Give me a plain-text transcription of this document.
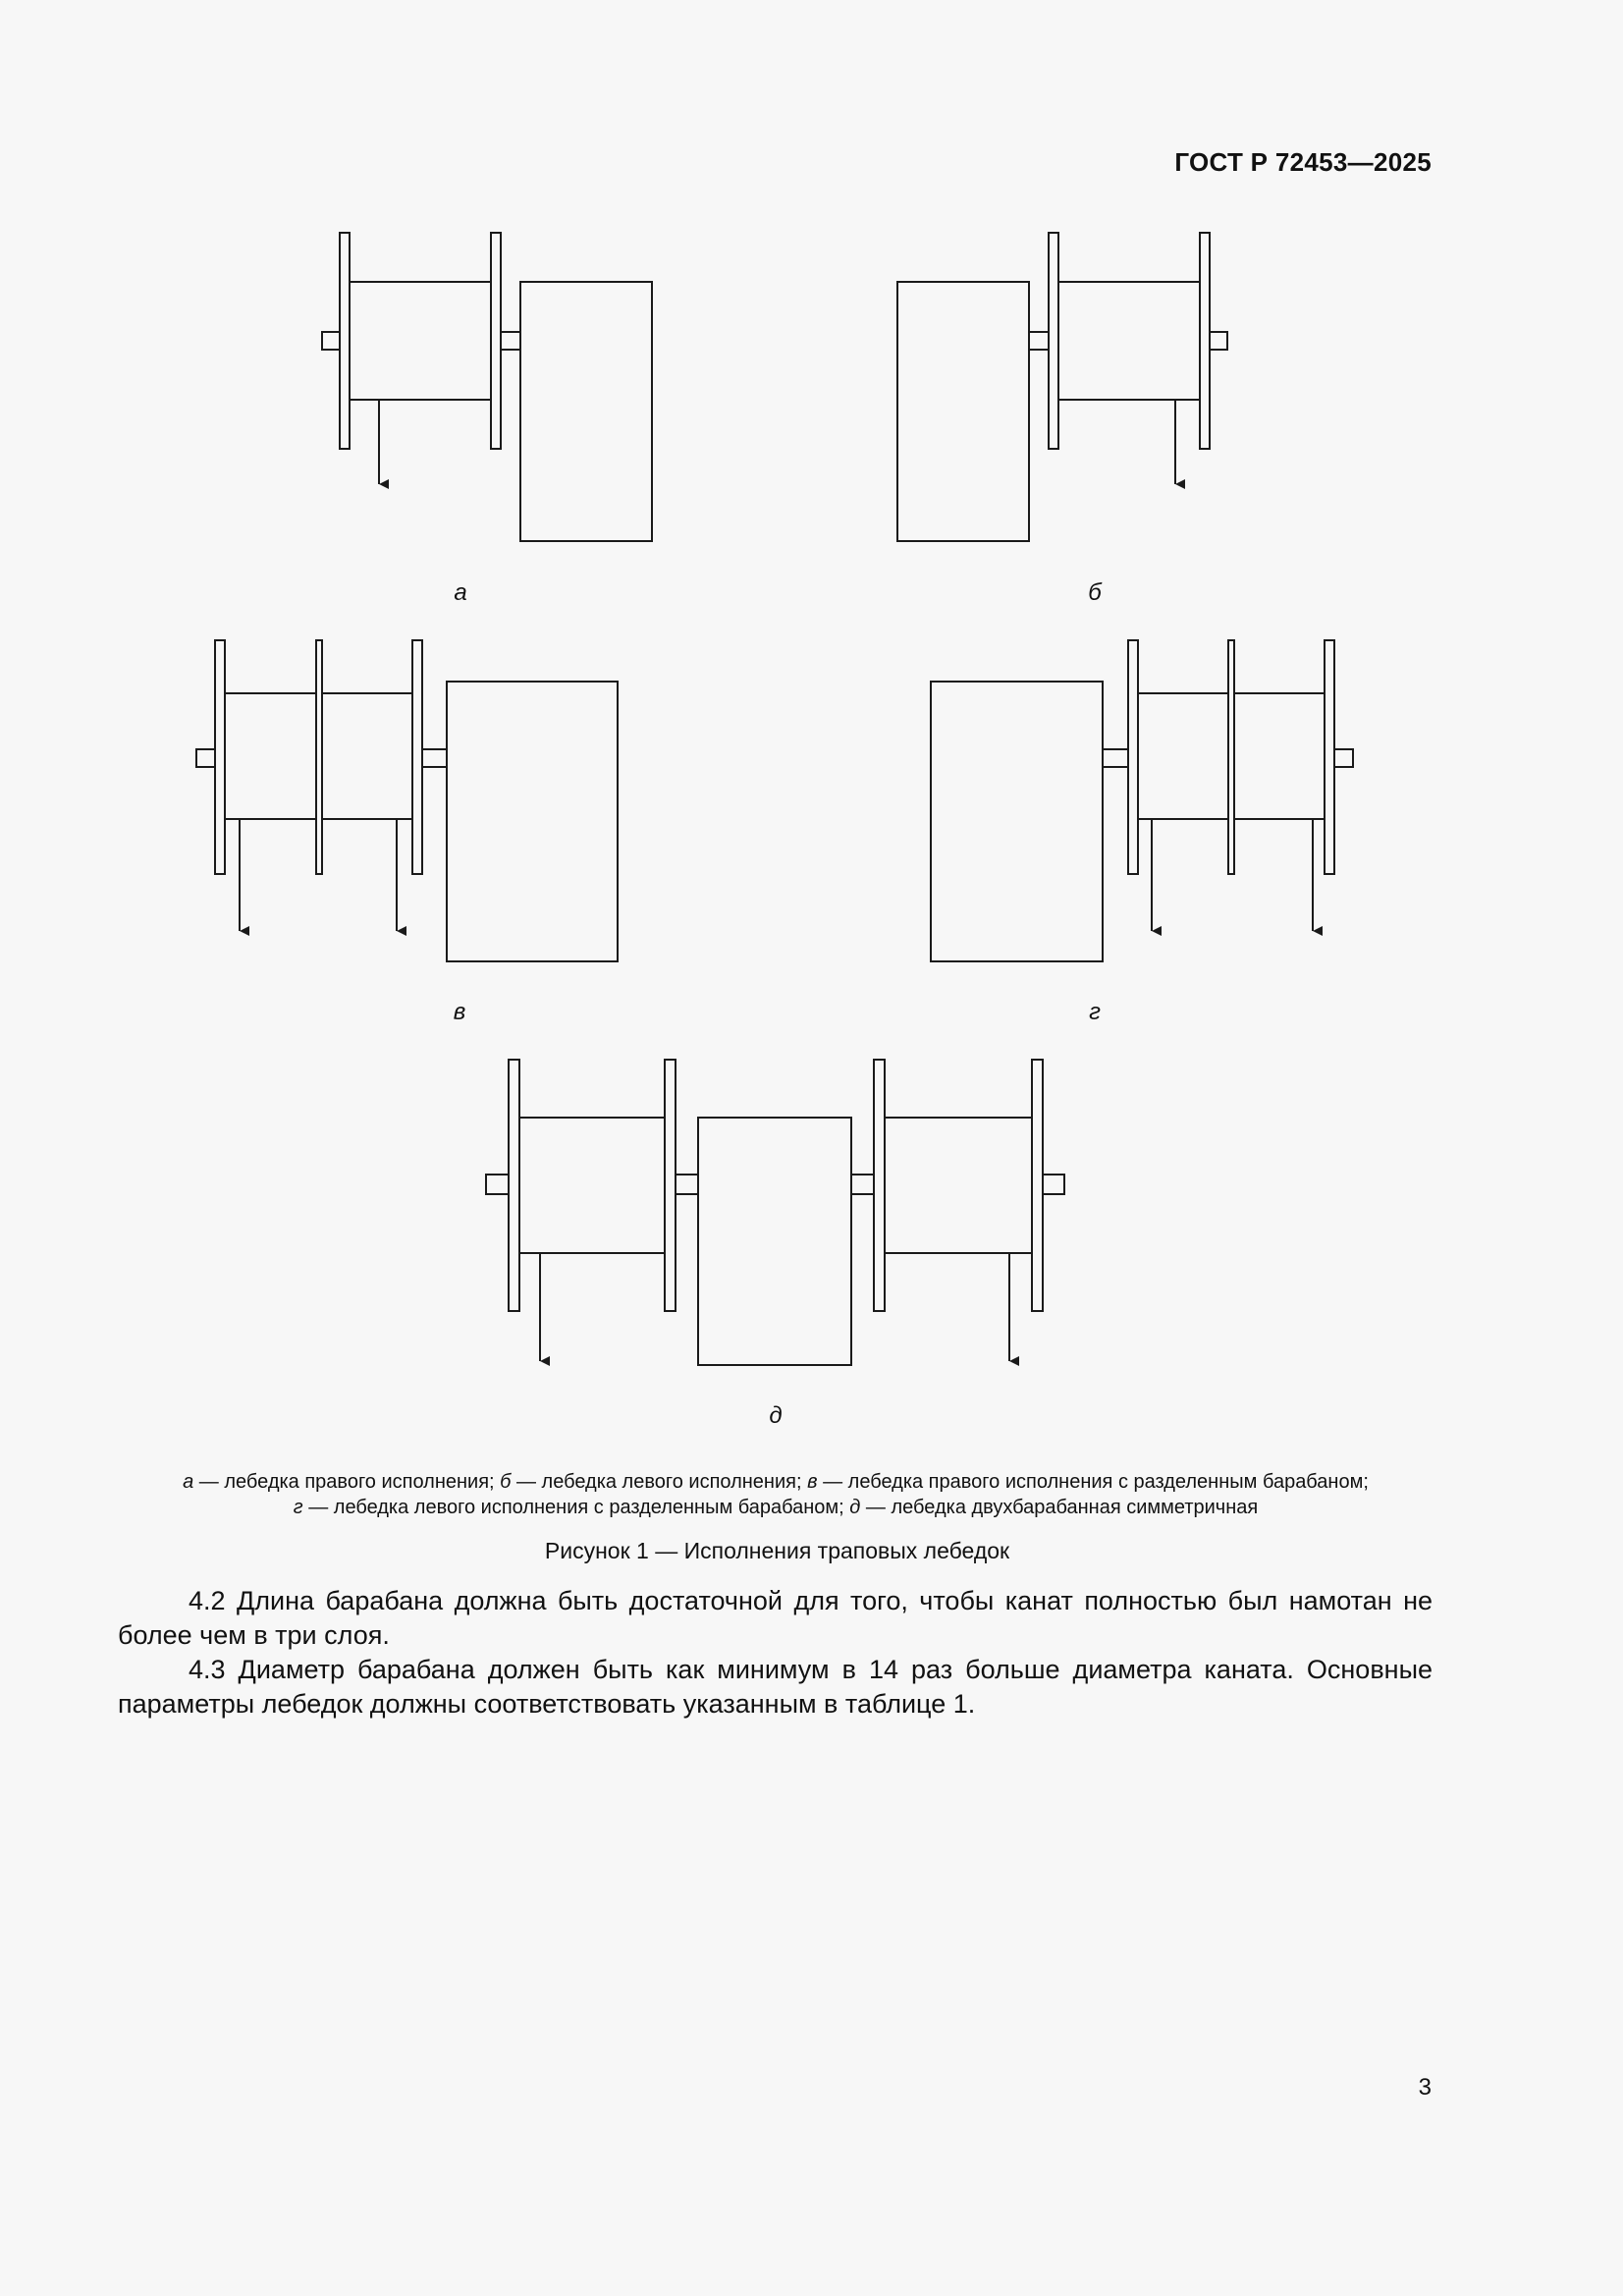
ГОСТ Р 72453—2025
а	б
в	г
д
а — лебедка правого исполнения; б — лебедка левого исполнения; в — лебедка правого исполнения с разделенным барабаном;
г — лебедка левого исполнения с разделенным барабаном; д — лебедка двухбарабанная симметричная
Рисунок 1 — Исполнения траповых лебедок

4.2 Длина барабана должна быть достаточной для того, чтобы канат полностью был намотан не более чем в три слоя.

4.3 Диаметр барабана должен быть как минимум в 14 раз больше диаметра каната. Основные параметры лебедок должны соответствовать указанным в таблице 1.

3
